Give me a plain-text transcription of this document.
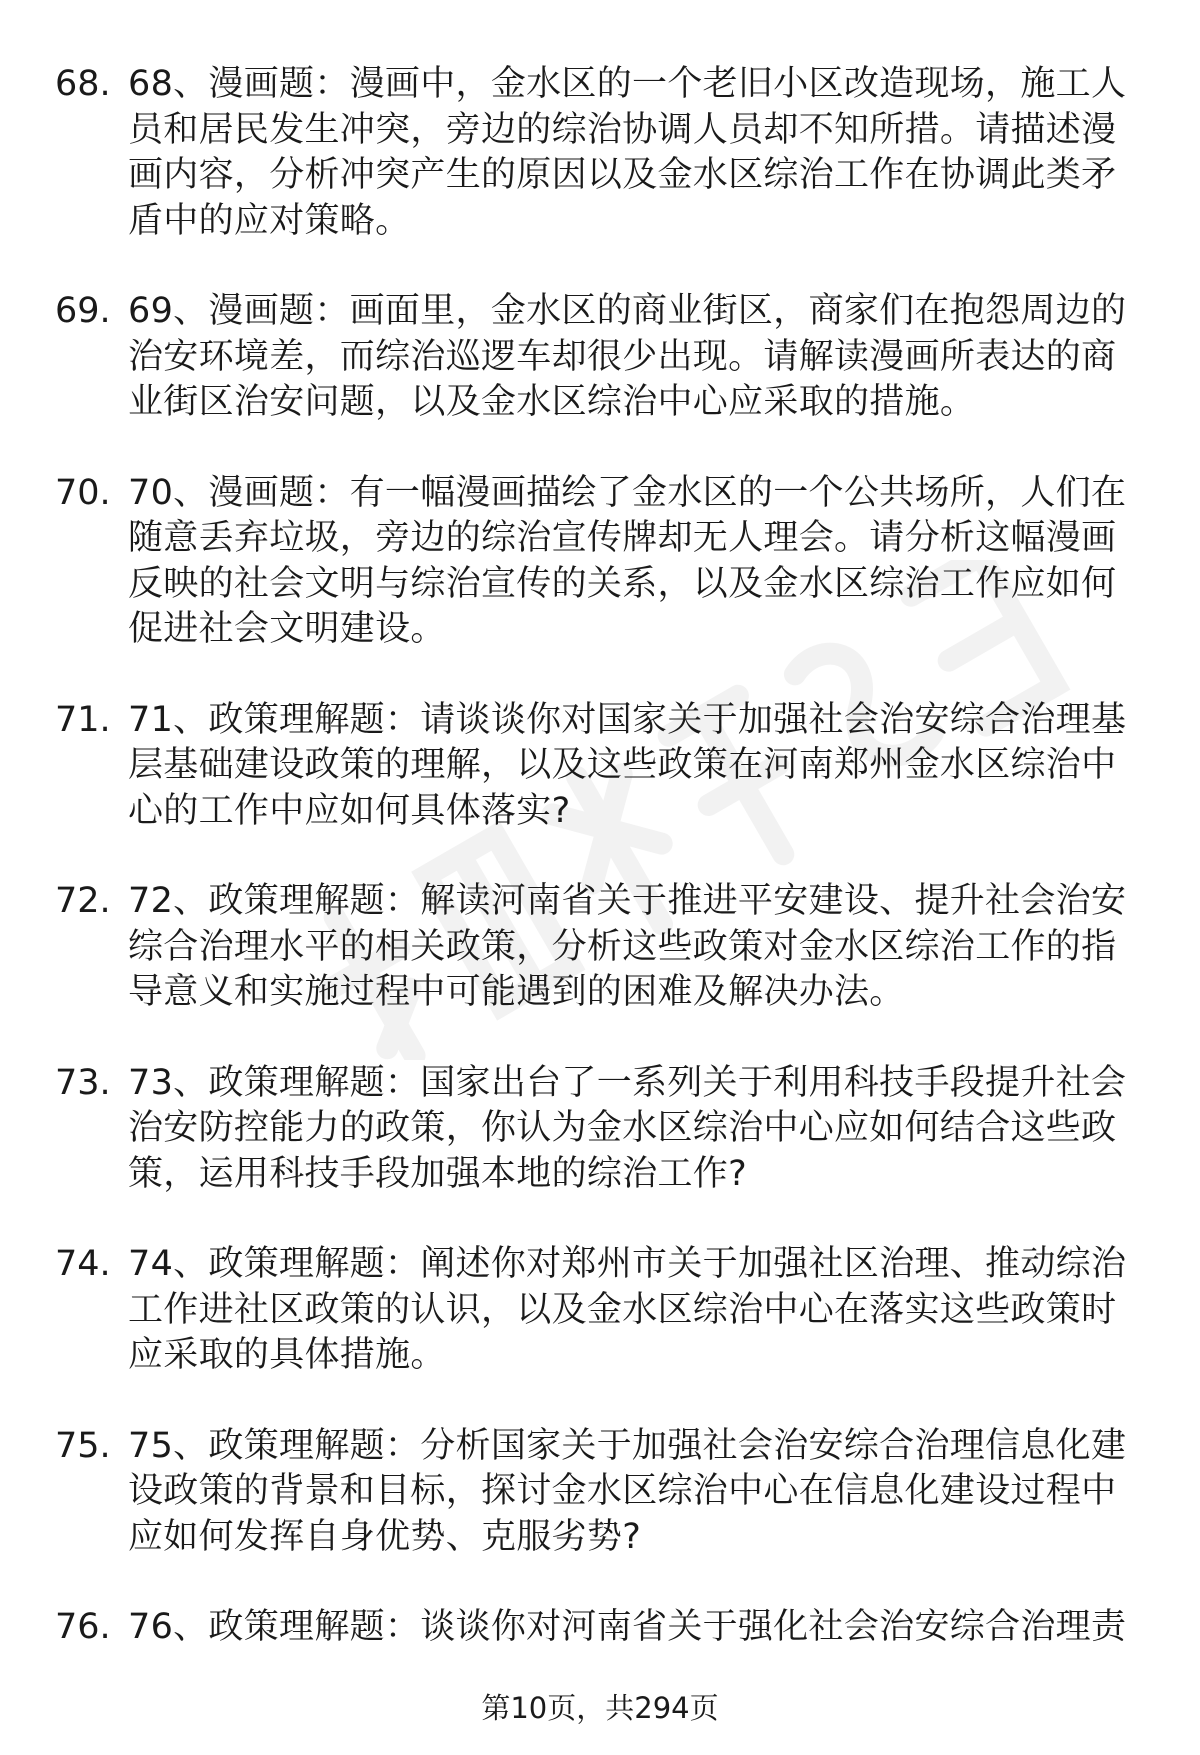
68. 68、漫画题：漫画中，金水区的一个老旧小区改造现场，施工人员和居民发生冲突，旁边的综治协调人员却不知所措。请描述漫画内容，分析冲突产生的原因以及金水区综治工作在协调此类矛盾中的应对策略。
69. 69、漫画题：画面里，金水区的商业街区，商家们在抱怨周边的治安环境差，而综治巡逻车却很少出现。请解读漫画所表达的商业街区治安问题，以及金水区综治中心应采取的措施。
70. 70、漫画题：有一幅漫画描绘了金水区的一个公共场所，人们在随意丢弃垃圾，旁边的综治宣传牌却无人理会。请分析这幅漫画反映的社会文明与综治宣传的关系，以及金水区综治工作应如何促进社会文明建设。
71. 71、政策理解题：请谈谈你对国家关于加强社会治安综合治理基层基础建设政策的理解，以及这些政策在河南郑州金水区综治中心的工作中应如何具体落实?
72. 72、政策理解题：解读河南省关于推进平安建设、提升社会治安综合治理水平的相关政策，分析这些政策对金水区综治工作的指导意义和实施过程中可能遇到的困难及解决办法。
73. 73、政策理解题：国家出台了一系列关于利用科技手段提升社会治安防控能力的政策，你认为金水区综治中心应如何结合这些政策，运用科技手段加强本地的综治工作?
74. 74、政策理解题：阐述你对郑州市关于加强社区治理、推动综治工作进社区政策的认识，以及金水区综治中心在落实这些政策时应采取的具体措施。
75. 75、政策理解题：分析国家关于加强社会治安综合治理信息化建设政策的背景和目标，探讨金水区综治中心在信息化建设过程中应如何发挥自身优势、克服劣势?
76. 76、政策理解题：谈谈你对河南省关于强化社会治安综合治理责
第10页，共294页
